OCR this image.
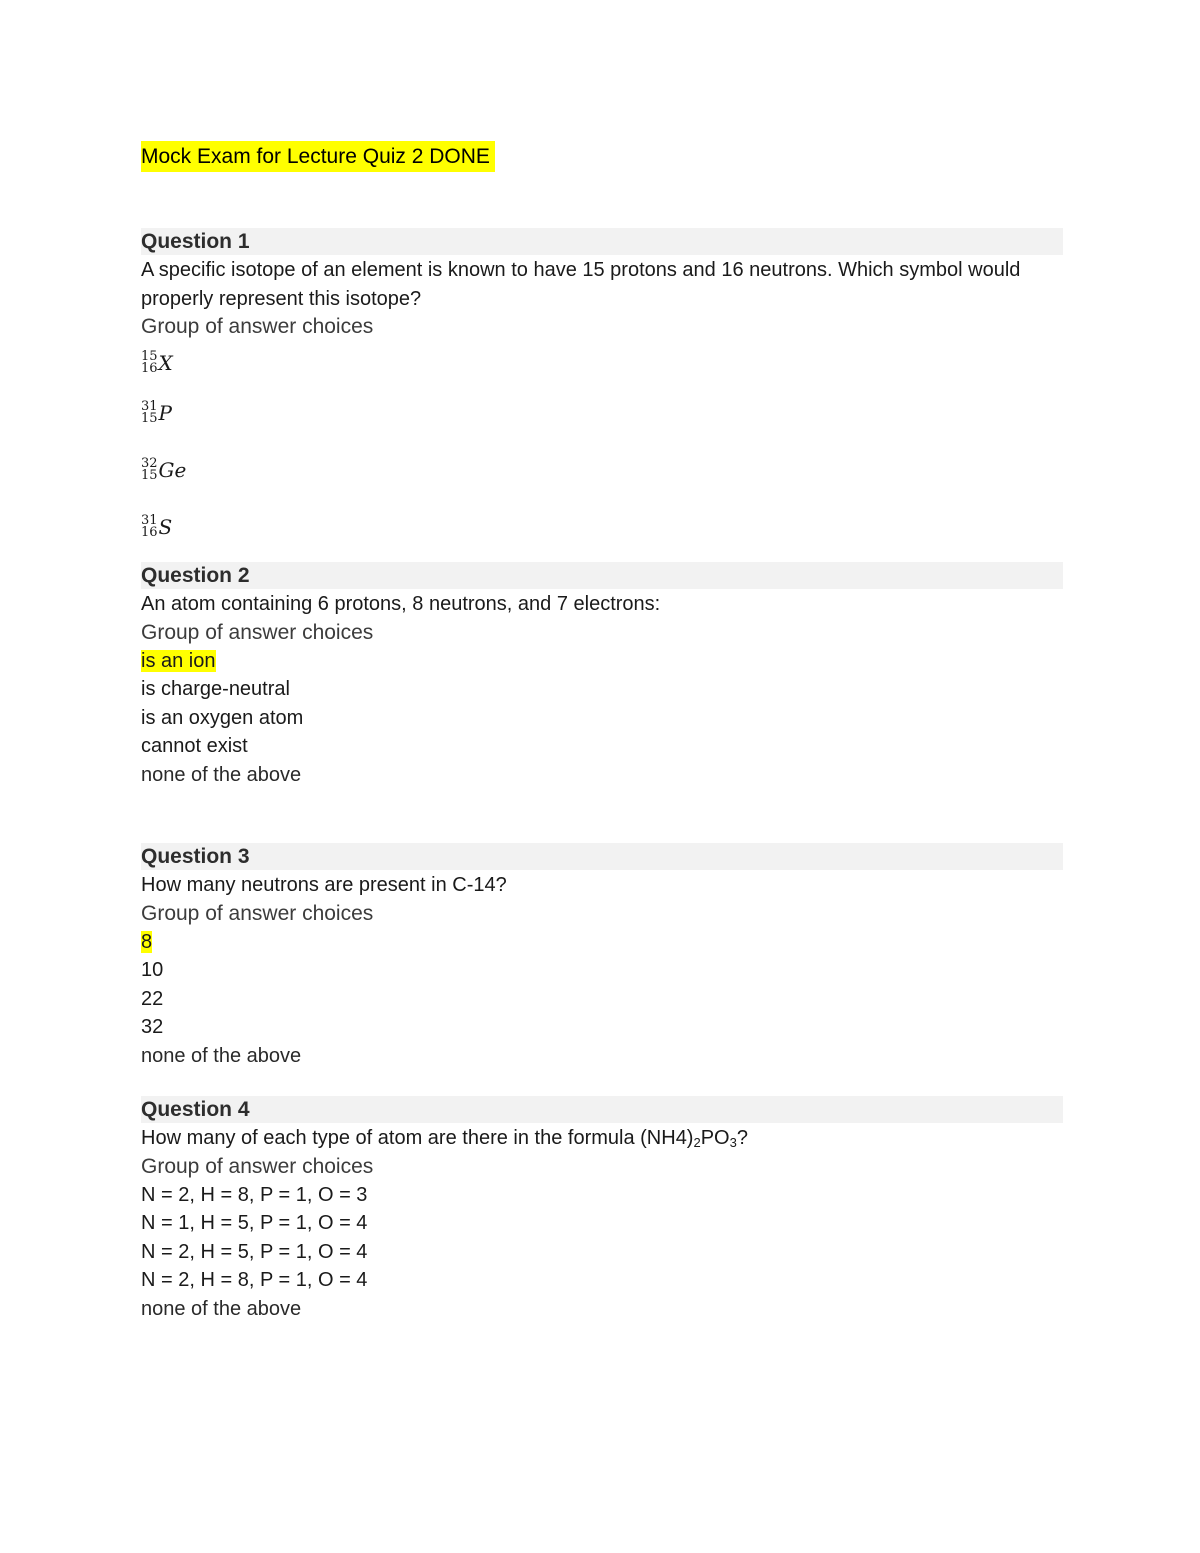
Mock Exam for Lecture Quiz 2 DONE
Question 1
A specific isotope of an element is known to have 15 protons and 16 neutrons. Which symbol would properly represent this isotope?
Group of answer choices
15
16 X
31
15 P
32
15 Ge
31
16 S
Question 2
An atom containing 6 protons, 8 neutrons, and 7 electrons:
Group of answer choices
is an ion
is charge-neutral
is an oxygen atom
cannot exist
none of the above
Question 3
How many neutrons are present in C-14?
Group of answer choices
8
10
22
32
none of the above
Question 4
How many of each type of atom are there in the formula $(NH4)_2PO_3$?
Group of answer choices
N = 2, H = 8, P = 1, O = 3
N = 1, H = 5, P = 1, O = 4
N = 2, H = 5, P = 1, O = 4
N = 2, H = 8, P = 1, O = 4
none of the above
